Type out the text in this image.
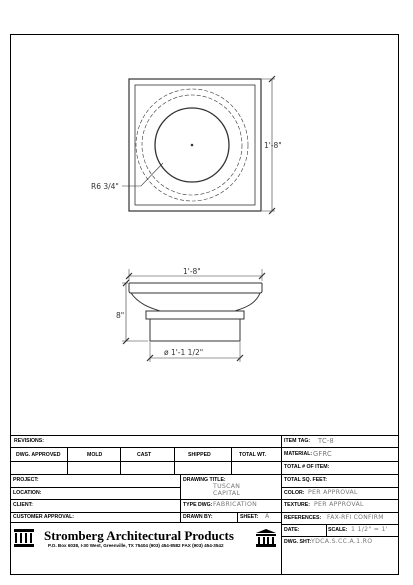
1'-8"
R6 3/4"
1'-8"
8"
ø 1'-1 1/2"
REVISIONS:
DWG. APPROVED	MOLD	CAST	SHIPPED	TOTAL WT.
PROJECT:
LOCATION:
CLIENT:
CUSTOMER APPROVAL:
DRAWING TITLE:
TUSCAN
CAPITAL
TYPE DWG: FABRICATION
DRAWN BY:	SHEET: A
Stromberg Architectural Products
P.O. Box 6038, I-30 West, Greenville, TX 75404 (903) 454-8582 FAX (903) 454-3542
ITEM TAG: TC-8
MATERIAL: GFRC
TOTAL # OF ITEM:
TOTAL SQ. FEET:
COLOR: PER APPROVAL
TEXTURE: PER APPROVAL
REFERENCES: FAX-RFI CONFIRM
DATE:	SCALE: 1 1/2" = 1'
DWG. SHT: YDCA.S.CC.A.1.RO
